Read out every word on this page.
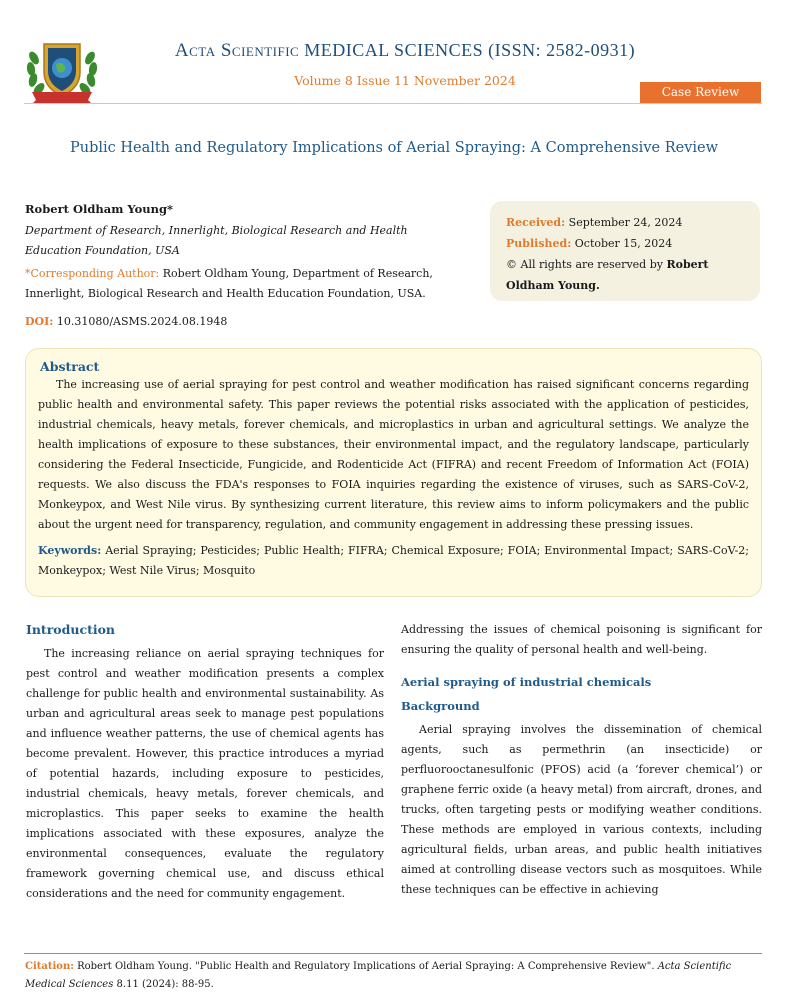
Acta Scientific MEDICAL SCIENCES (ISSN: 2582-0931)
Volume 8 Issue 11 November 2024
Case Review
Public Health and Regulatory Implications of Aerial Spraying: A Comprehensive Review
Robert Oldham Young*
Department of Research, Innerlight, Biological Research and Health Education Foundation, USA
*Corresponding Author: Robert Oldham Young, Department of Research, Innerlight, Biological Research and Health Education Foundation, USA.
Received: September 24, 2024
Published: October 15, 2024
© All rights are reserved by Robert Oldham Young.
DOI: 10.31080/ASMS.2024.08.1948
Abstract
The increasing use of aerial spraying for pest control and weather modification has raised significant concerns regarding public health and environmental safety. This paper reviews the potential risks associated with the application of pesticides, industrial chemicals, heavy metals, forever chemicals, and microplastics in urban and agricultural settings. We analyze the health implications of exposure to these substances, their environmental impact, and the regulatory landscape, particularly considering the Federal Insecticide, Fungicide, and Rodenticide Act (FIFRA) and recent Freedom of Information Act (FOIA) requests. We also discuss the FDA's responses to FOIA inquiries regarding the existence of viruses, such as SARS-CoV-2, Monkeypox, and West Nile virus. By synthesizing current literature, this review aims to inform policymakers and the public about the urgent need for transparency, regulation, and community engagement in addressing these pressing issues.
Keywords: Aerial Spraying; Pesticides; Public Health; FIFRA; Chemical Exposure; FOIA; Environmental Impact; SARS-CoV-2; Monkeypox; West Nile Virus; Mosquito
Introduction
The increasing reliance on aerial spraying techniques for pest control and weather modification presents a complex challenge for public health and environmental sustainability. As urban and agricultural areas seek to manage pest populations and influence weather patterns, the use of chemical agents has become prevalent. However, this practice introduces a myriad of potential hazards, including exposure to pesticides, industrial chemicals, heavy metals, forever chemicals, and microplastics. This paper seeks to examine the health implications associated with these exposures, analyze the environmental consequences, evaluate the regulatory framework governing chemical use, and discuss ethical considerations and the need for community engagement.
Addressing the issues of chemical poisoning is significant for ensuring the quality of personal health and well-being.
Aerial spraying of industrial chemicals
Background
Aerial spraying involves the dissemination of chemical agents, such as permethrin (an insecticide) or perfluorooctanesulfonic (PFOS) acid (a ‘forever chemical’) or graphene ferric oxide (a heavy metal) from aircraft, drones, and trucks, often targeting pests or modifying weather conditions. These methods are employed in various contexts, including agricultural fields, urban areas, and public health initiatives aimed at controlling disease vectors such as mosquitoes. While these techniques can be effective in achieving
Citation: Robert Oldham Young. "Public Health and Regulatory Implications of Aerial Spraying: A Comprehensive Review". Acta Scientific Medical Sciences 8.11 (2024): 88-95.
